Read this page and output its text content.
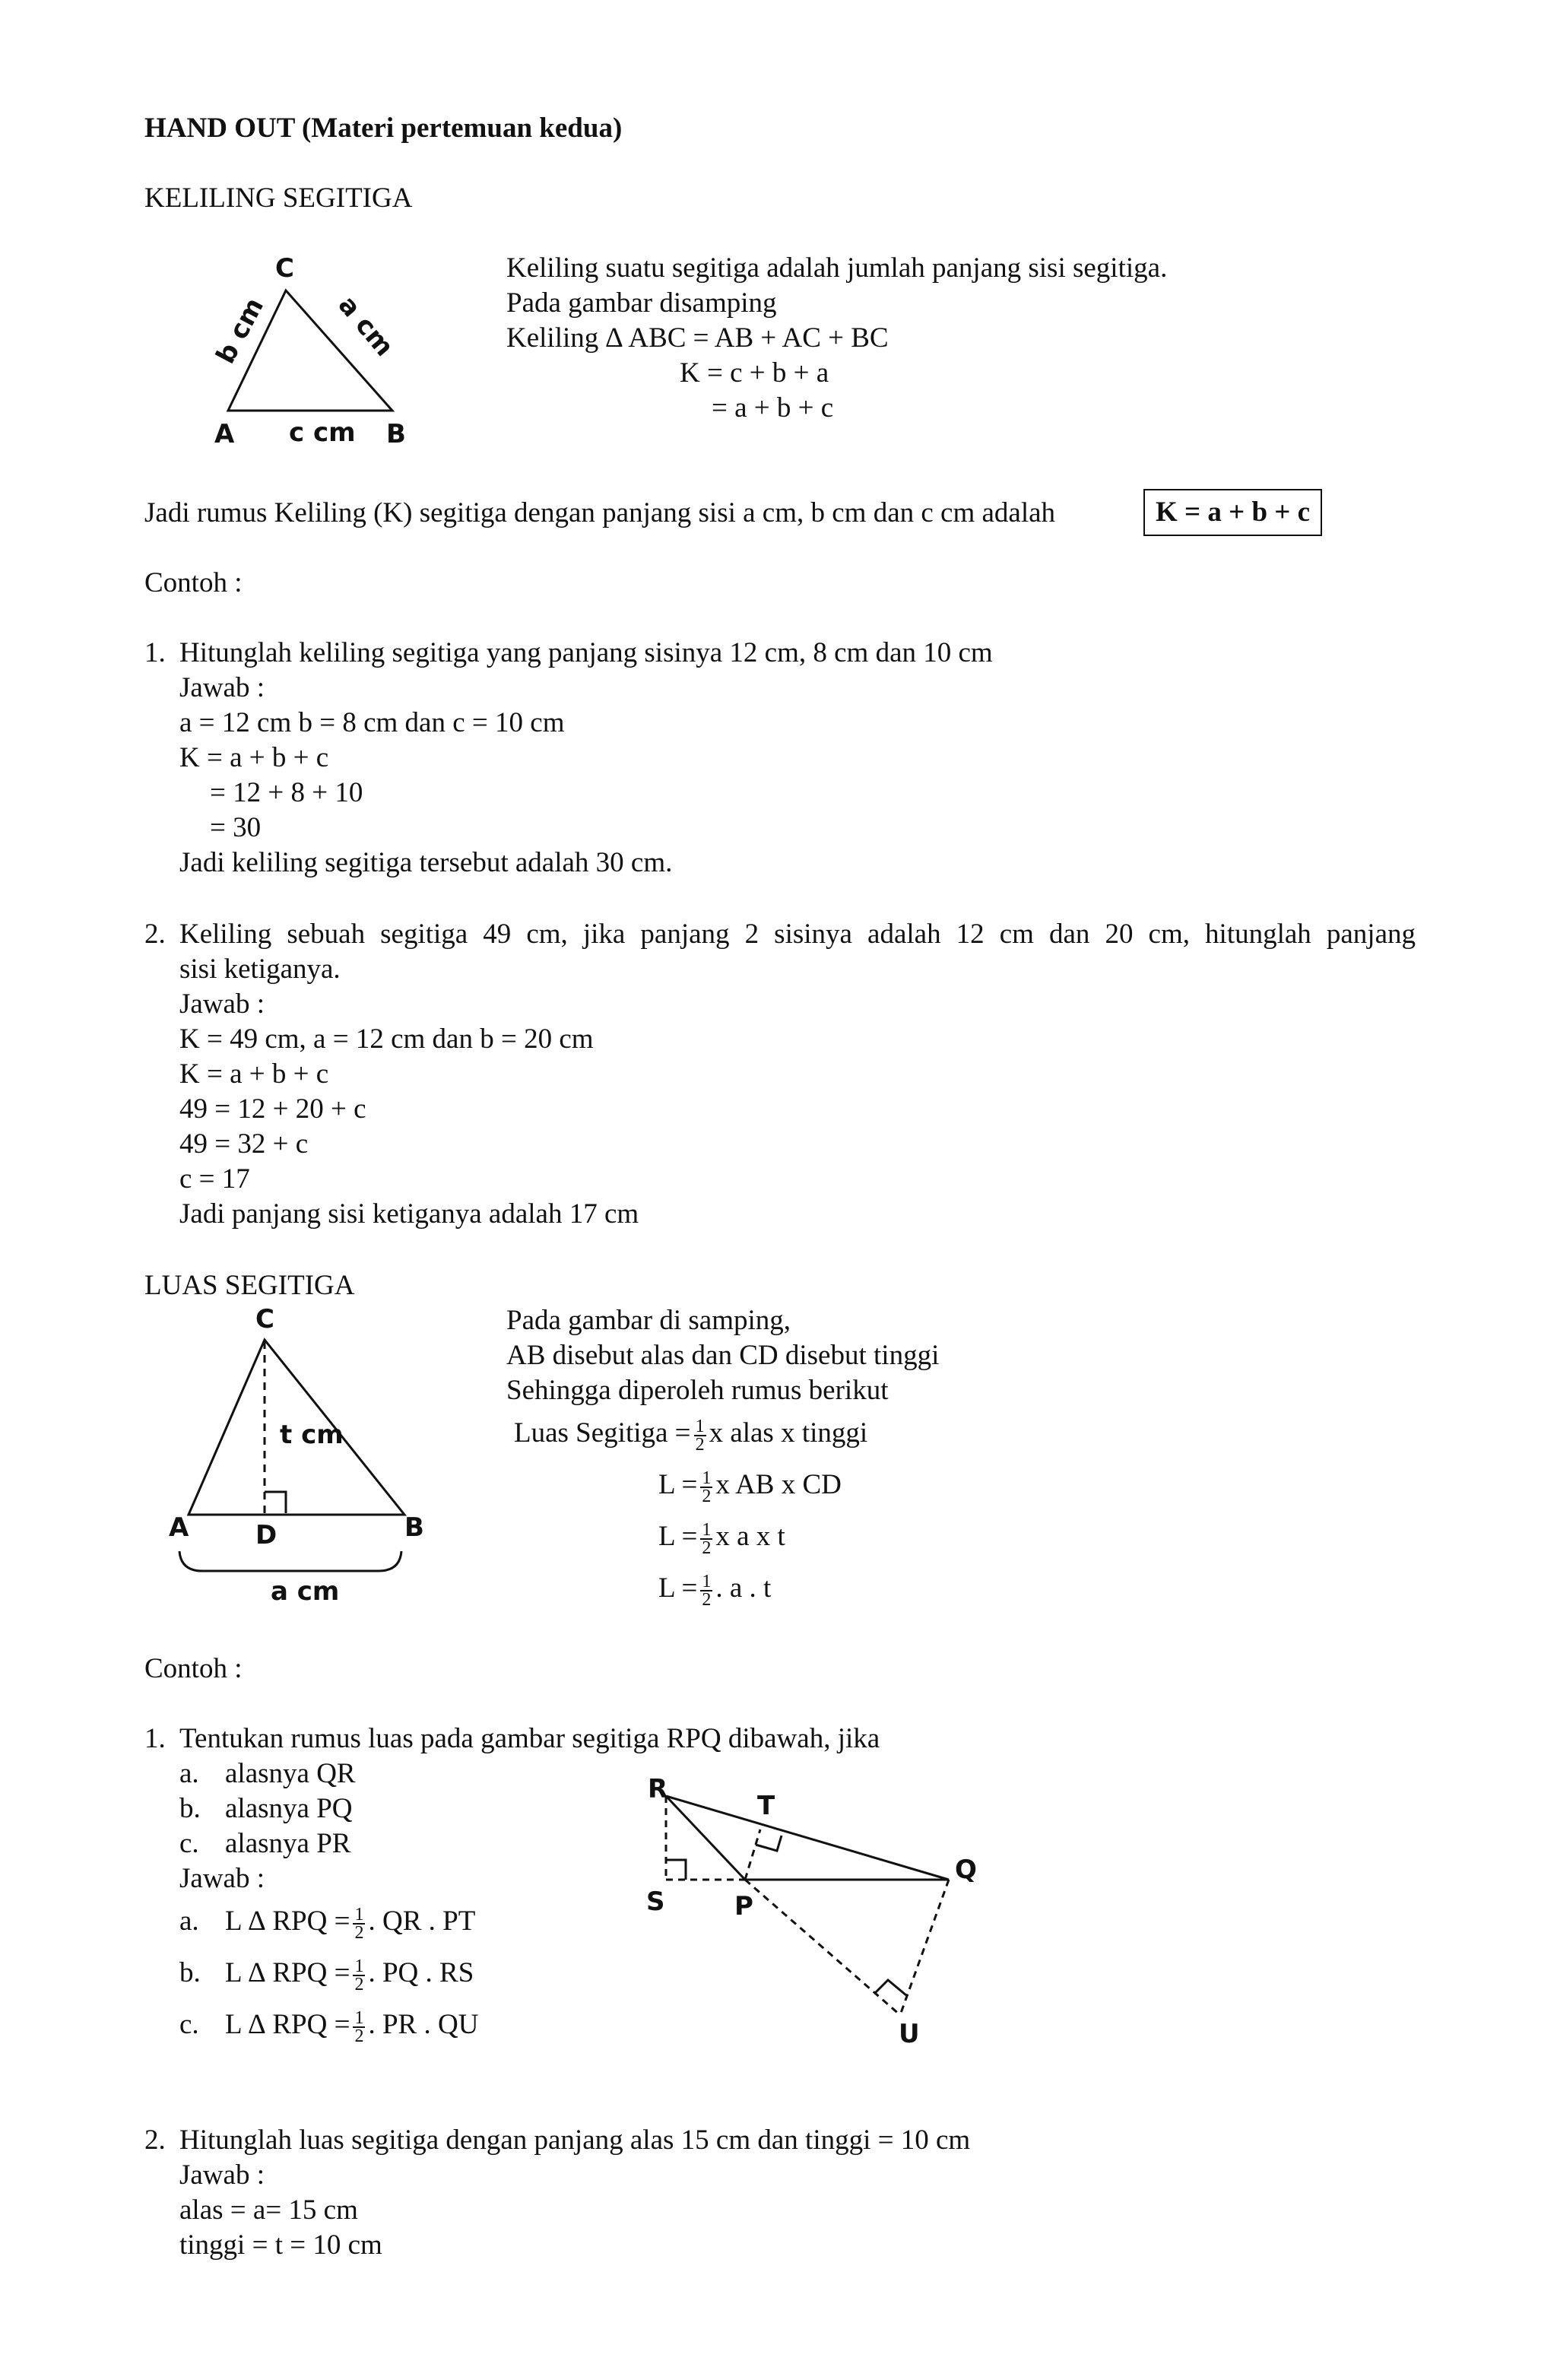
HAND OUT (Materi pertemuan kedua)
KELILING SEGITIGA
C
A	B
c cm
b cm a cm
Keliling suatu segitiga adalah jumlah panjang sisi segitiga.
Pada gambar disamping
Keliling ∆ ABC = AB + AC + BC
K = c + b + a
= a + b + c
Jadi rumus Keliling (K) segitiga dengan panjang sisi a cm, b cm dan c cm adalah	K = a + b + c
Contoh :
1. Hitunglah keliling segitiga yang panjang sisinya 12 cm, 8 cm dan 10 cm
Jawab :
a = 12 cm b = 8 cm dan c = 10 cm
K = a + b + c
= 12 + 8 + 10
= 30
Jadi keliling segitiga tersebut adalah 30 cm.
2. Keliling sebuah segitiga 49 cm, jika panjang 2 sisinya adalah 12 cm dan 20 cm, hitunglah panjang
sisi ketiganya.
Jawab :
K = 49 cm, a = 12 cm dan b = 20 cm
K = a + b + c
49 = 12 + 20 + c
49 = 32 + c
c = 17
Jadi panjang sisi ketiganya adalah 17 cm
LUAS SEGITIGA
C
A	B
D
t cm
a cm
Pada gambar di samping,
AB disebut alas dan CD disebut tinggi
Sehingga diperoleh rumus berikut
Luas Segitiga = $\frac{1}{2}$ x alas x tinggi
$L = \frac{1}{2}$ x AB x CD
$L = \frac{1}{2}$ x a x t
$L = \frac{1}{2}$ . a . t
Contoh :
1. Tentukan rumus luas pada gambar segitiga RPQ dibawah, jika
a. alasnya QR
b. alasnya PQ
c. alasnya PR
Jawab :
a. L ∆ RPQ = $\frac{1}{2}$ . QR . PT
b. L ∆ RPQ = $\frac{1}{2}$ . PQ . RS
c. L ∆ RPQ = $\frac{1}{2}$ . PR . QU
R
T
Q
S	P
U
2. Hitunglah luas segitiga dengan panjang alas 15 cm dan tinggi = 10 cm
Jawab :
alas = a= 15 cm
tinggi = t = 10 cm
